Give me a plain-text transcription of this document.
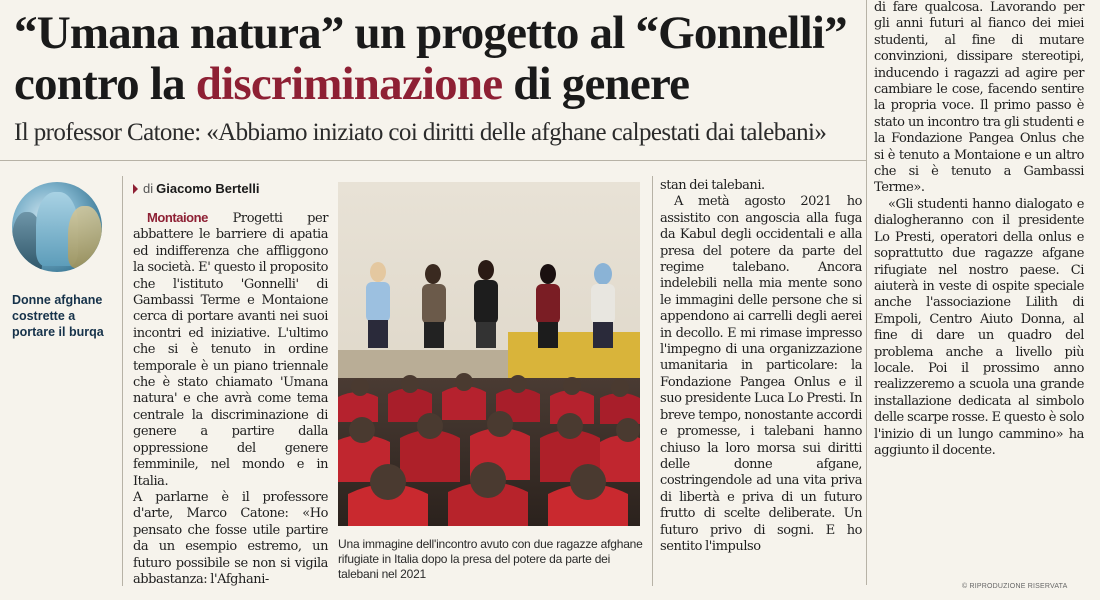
“Umana natura” un progetto al “Gonnelli”
contro la discriminazione di genere
Il professor Catone: «Abbiamo iniziato coi diritti delle afghane calpestati dai talebani»
Donne afghane costrette a portare il burqa
di Giacomo Bertelli

Montaione Progetti per abbattere le barriere di apatia ed indifferenza che affliggono la società. E' questo il proposito che l'istituto 'Gonnelli' di Gambassi Terme e Montaione cerca di portare avanti nei suoi incontri ed iniziative. L'ultimo che si è tenuto in ordine temporale è un piano triennale che è stato chiamato 'Umana natura' e che avrà come tema centrale la discriminazione di genere a partire dalla oppressione del genere femminile, nel mondo e in Italia.

A parlarne è il professore d'arte, Marco Catone: «Ho pensato che fosse utile partire da un esempio estremo, un futuro possibile se non si vigila abbastanza: l'Afghani-

Una immagine dell'incontro avuto con due ragazze afghane rifugiate in Italia dopo la presa del potere da parte dei talebani nel 2021

stan dei talebani.

A metà agosto 2021 ho assistito con angoscia alla fuga da Kabul degli occidentali e alla presa del potere da parte del regime talebano. Ancora indelebili nella mia mente sono le immagini delle persone che si appendono ai carrelli degli aerei in decollo. E mi rimase impresso l'impegno di una organizzazione umanitaria in particolare: la Fondazione Pangea Onlus e il suo presidente Luca Lo Presti. In breve tempo, nonostante accordi e promesse, i talebani hanno chiuso la loro morsa sui diritti delle donne afgane, costringendole ad una vita priva di libertà e priva di un futuro frutto di scelte deliberate. Un futuro privo di sogni. E ho sentito l'impulso

di fare qualcosa. Lavorando per gli anni futuri al fianco dei miei studenti, al fine di mutare convinzioni, dissipare stereotipi, inducendo i ragazzi ad agire per cambiare le cose, facendo sentire la propria voce. Il primo passo è stato un incontro tra gli studenti e la Fondazione Pangea Onlus che si è tenuto a Montaione e un altro che si è tenuto a Gambassi Terme».

«Gli studenti hanno dialogato e dialogheranno con il presidente Lo Presti, operatori della onlus e soprattutto due ragazze afgane rifugiate nel nostro paese. Ci aiuterà in veste di ospite speciale anche l'associazione Lilith di Empoli, Centro Aiuto Donna, al fine di dare un quadro del problema anche a livello più locale. Poi il prossimo anno realizzeremo a scuola una grande installazione dedicata al simbolo delle scarpe rosse. E questo è solo l'inizio di un lungo cammino» ha aggiunto il docente.

© RIPRODUZIONE RISERVATA
